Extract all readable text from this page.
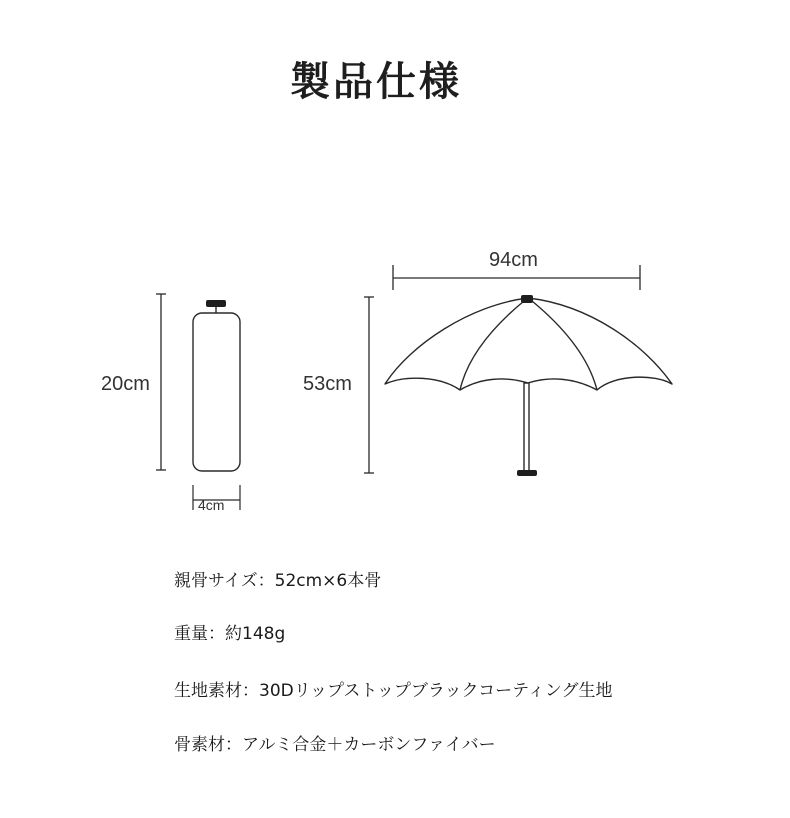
製品仕様
20cm
4cm
53cm
94cm
親骨サイズ：52cm×6本骨
重量：約148g
生地素材：30Dリップストップブラックコーティング生地
骨素材：アルミ合金＋カーボンファイバー
